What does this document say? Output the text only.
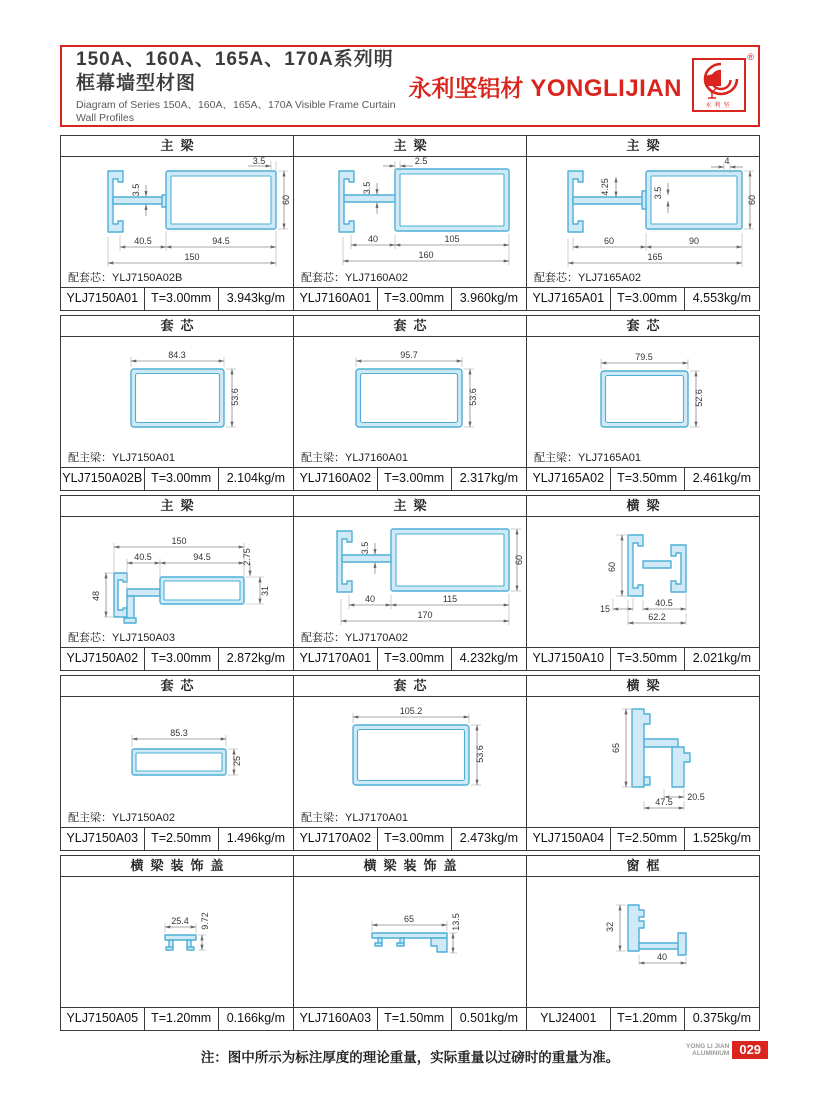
150A、160A、165A、170A系列明框幕墙型材图
Diagram of Series 150A、160A、165A、170A Visible Frame Curtain Wall Profiles
永利坚铝材 YONGLIJIAN
永利坚
®
主梁
3.5
3.5
60
40.5	94.5
150
配套芯：YLJ7150A02B
YLJ7150A01	T=3.00mm	3.943kg/m
主梁
2.5
3.5
40	105
160
配套芯：YLJ7160A02
YLJ7160A01	T=3.00mm	3.960kg/m
主梁
4.25	3.5
4
60
60	90
165
配套芯：YLJ7165A02
YLJ7165A01	T=3.00mm	4.553kg/m
套芯
84.3
53.6
配主梁：YLJ7150A01
YLJ7150A02B T=3.00mm	2.104kg/m
套芯
95.7
53.6
配主梁：YLJ7160A01
YLJ7160A02	T=3.00mm	2.317kg/m
套芯
79.5
52.6
配主梁：YLJ7165A01
YLJ7165A02	T=3.50mm	2.461kg/m
主梁
150
40.5	94.5	2.75
48	31
配套芯：YLJ7150A03
YLJ7150A02	T=3.00mm	2.872kg/m
主梁
3.5
60
40	115
170
配套芯：YLJ7170A02
YLJ7170A01	T=3.00mm	4.232kg/m
横梁
60
15
40.5
62.2
YLJ7150A10	T=3.50mm	2.021kg/m
套芯
85.3
25
配主梁：YLJ7150A02
YLJ7150A03	T=2.50mm	1.496kg/m
套芯
105.2
53.6
配主梁：YLJ7170A01
YLJ7170A02	T=3.00mm	2.473kg/m
横梁
65
20.5
47.5
YLJ7150A04	T=2.50mm	1.525kg/m
横梁装饰盖
25.4 9.72
YLJ7150A05	T=1.20mm	0.166kg/m
横梁装饰盖
65	13.5
YLJ7160A03	T=1.50mm	0.501kg/m
窗框
32
40
YLJ24001	T=1.20mm	0.375kg/m
注：图中所示为标注厚度的理论重量，实际重量以过磅时的重量为准。
YONG LI JIAN
ALUMINIUM 029
